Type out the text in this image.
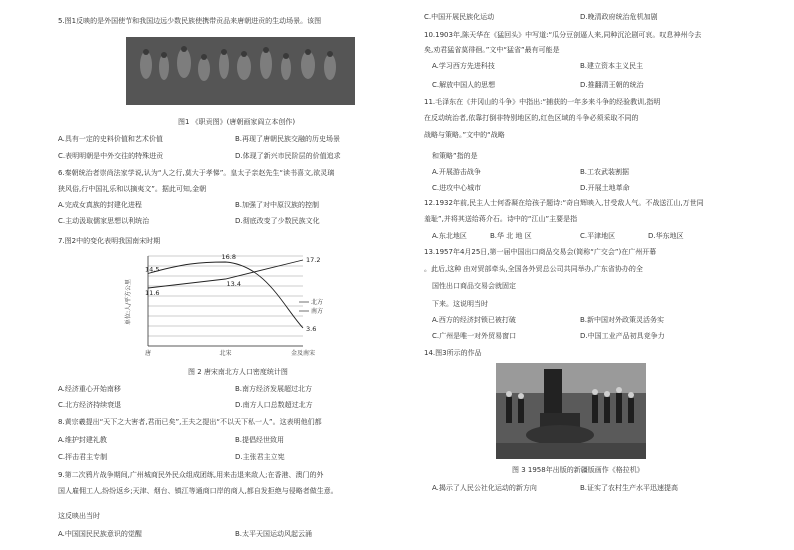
5.图1反映的是外国使节和我国边远少数民族使携带贡品来唐朝进贡的生动场景。该图
图1 《职贡图》(唐朝画家阎立本创作)
A.具有一定的史料价值和艺术价值	B.再现了唐朝民族交融的历史场景
C.表明明朝是中外交往的特殊进贡	D.体现了新兴市民阶层的价值追求
6.秦朝统治者崇尚法家学说,认为“人之行,莫大于孝悌”。皇太子亲赵先生“读书喜文,欲灵璃
狭风俗,行中国礼乐和以摘夷文”。据此可知,金朝
A.完成女真族的封建化进程	B.加强了对中原汉族的控制
C.主动汲取儒家思想以利统治	D.彻底改变了少数民族文化
7.图2中的变化表明我国南宋时期
单位:人/平方公里
唐	北宋	金及南宋
14.5
16.8	17.2
13.4
11.6
3.6
北方
南方
图 2 唐宋南北方人口密度统计图
A.经济重心开始南移	B.南方经济发展超过北方
C.北方经济持续衰退	D.南方人口总数超过北方
8.黄宗羲提出“天下之大害者,君而已矣”,王夫之提出“不以天下私一人”。这表明他们都
A.维护封建礼教	B.提倡经世致用
C.抨击君主专制	D.主张君主立宪
9.第二次鸦片战争期间,广州城商民外民众组成团练,用来击退来敌人;在香港、澳门的外
国人雇佣工人,纷纷返乡;天津、烟台、镇江等通商口岸的商人,都自发拒绝与侵略者做生意。
这反映出当时
A.中国国民民族意识的觉醒	B.太平天国运动风起云涌
C.中国开展民族化运动	D.晚清政府统治危机加剧
10.1903年,陈天华在《猛回头》中写道:“瓜分豆剖逼人来,同种沉沦剧可哀。叹息神州今去
矣,劝君猛省莫徘徊。”文中“猛省”最有可能是
A.学习西方先进科技	B.建立资本主义民主
C.解放中国人的思想	D.推翻清王朝的统治
11.毛泽东在《井冈山的斗争》中指出:“捕获的一年多来斗争的经验教训,指明
在反动统治者,依靠打倒非特别地区的,红色区域的斗争必须采取不同的
战略与策略。”文中的“战略
和策略”指的是
A.开展游击战争	B.工农武装割据
C.进攻中心城市	D.开展土地革命
12.1932年前,民主人士何香凝在给孩子题诗:“奇自辉映入,甘受敌人气。不战送江山,万世同
羞耻”,并将其送给蒋介石。诗中的“江山”主要是指
A.东北地区	B.华 北 地 区	C.平津地区	D.华东地区
13.1957年4月25日,第一届中国出口商品交易会(简称“广交会”)在广州开幕
。此后,这种 由对贸部牵头,全国各外贸总公司共同举办,广东省协办的全
国性出口商品交易会就固定
下来。这说明当时
A.西方的经济封锁已被打破	B.新中国对外政策灵活务实
C.广州是唯一对外贸易窗口	D.中国工业产品初具竞争力
14.图3所示的作品
图 3 1958年出版的新疆版画作《格拉机》
A.揭示了人民公社化运动的新方向	B.证实了农村生产水平迅速提高
